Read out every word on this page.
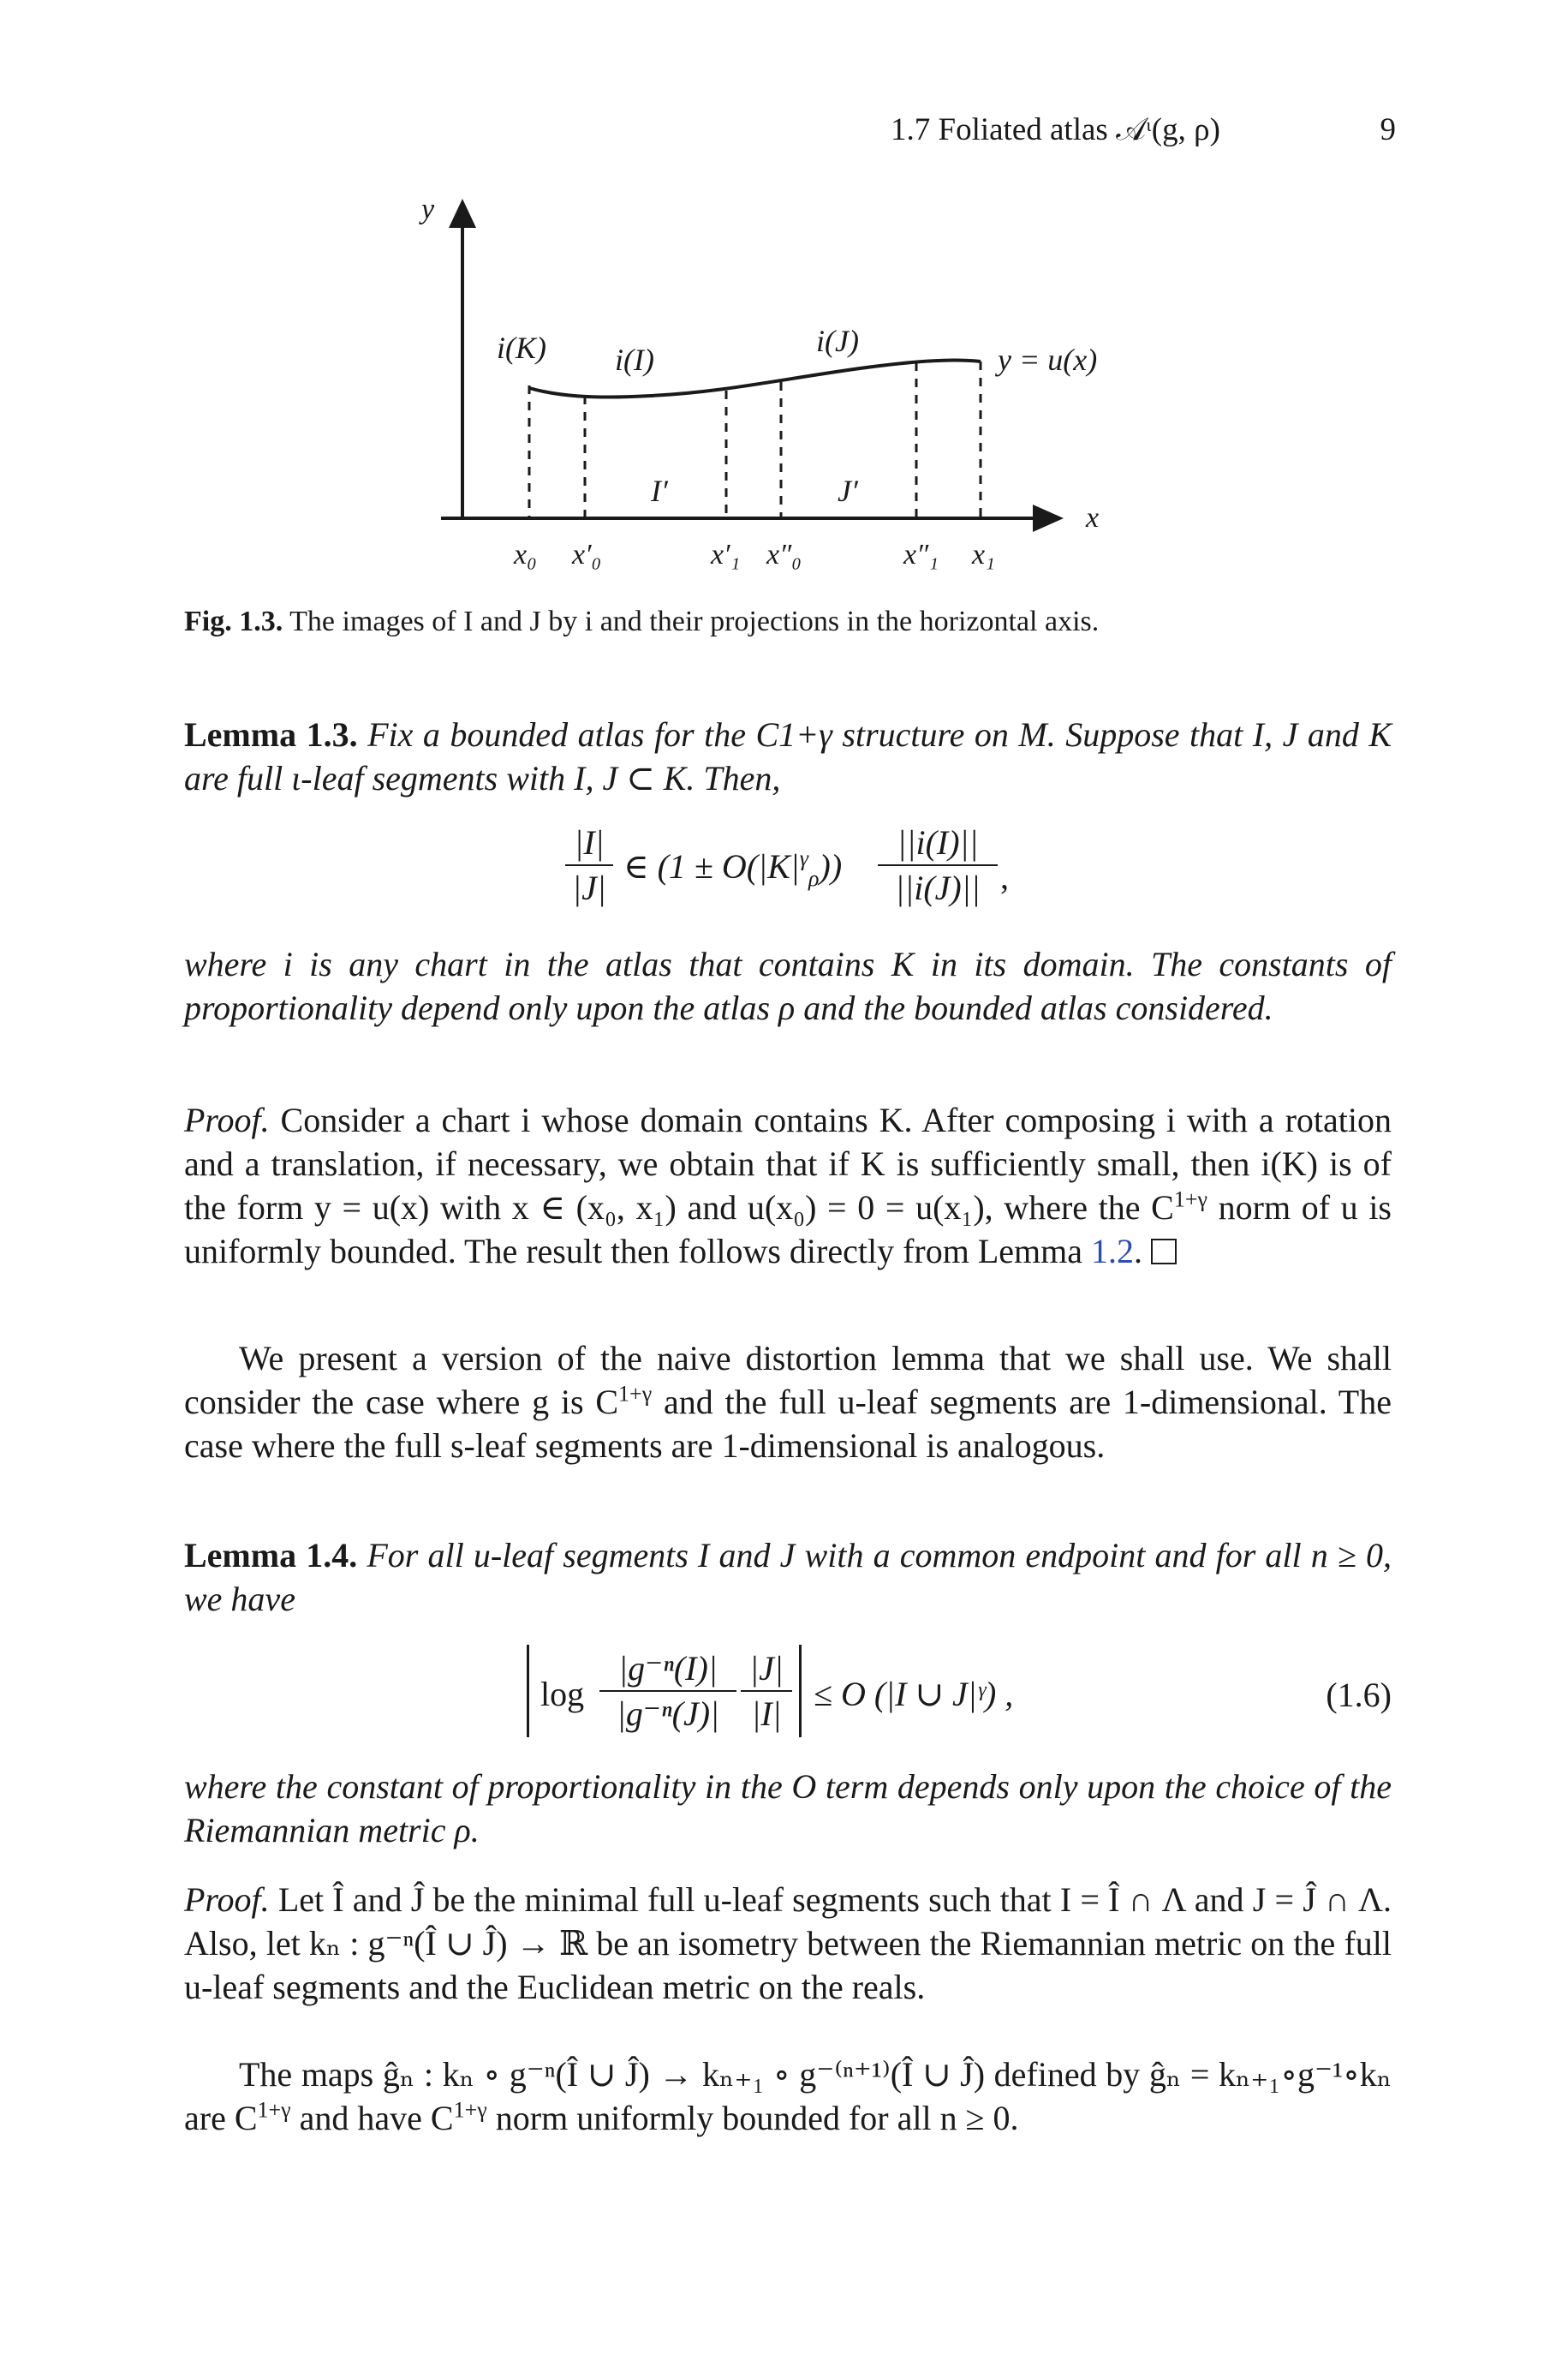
1.7 Foliated atlas 𝒜ᶥ(g, ρ)	9
y
x
i(K) i(I)
i(J)
y = u(x)
I′	J′
x₀ x′₀	x′₁ x″₀	x″₁ x₁
Fig. 1.3. The images of I and J by i and their projections in the horizontal axis.
Lemma 1.3. Fix a bounded atlas for the C1+γ structure on M. Suppose that I, J and K are full ι-leaf segments with I, J ⊂ K. Then,
|I|
|J|
∈ $(1 \pm O(|K|^\gamma_\rho))$
||i(I)||
||i(J)|| ,
where i is any chart in the atlas that contains K in its domain. The constants of proportionality depend only upon the atlas ρ and the bounded atlas considered.
Proof. Consider a chart i whose domain contains K. After composing i with a rotation and a translation, if necessary, we obtain that if K is sufficiently small, then i(K) is of the form y = u(x) with x ∈ (x₀, x₁) and u(x₀) = 0 = u(x₁), where the $C^{1+\gamma}$ norm of u is uniformly bounded. The result then follows directly from Lemma 1.2.
We present a version of the naive distortion lemma that we shall use. We shall consider the case where g is $C^{1+\gamma}$ and the full u-leaf segments are 1-dimensional. The case where the full s-leaf segments are 1-dimensional is analogous.
Lemma 1.4. For all u-leaf segments I and J with a common endpoint and for all n ≥ 0, we have
log
|g⁻ⁿ(I)|
|g⁻ⁿ(J)|
|J|
|I|
≤ O (|I ∪ J|ᵞ) ,	(1.6)
where the constant of proportionality in the O term depends only upon the choice of the Riemannian metric ρ.
Proof. Let Î and Ĵ be the minimal full u-leaf segments such that I = Î ∩ Λ and J = Ĵ ∩ Λ. Also, let kₙ : g⁻ⁿ(Î ∪ Ĵ) → ℝ be an isometry between the Riemannian metric on the full u-leaf segments and the Euclidean metric on the reals.
The maps ĝₙ : kₙ ∘ g⁻ⁿ(Î ∪ Ĵ) → kₙ₊₁ ∘ g⁻⁽ⁿ⁺¹⁾(Î ∪ Ĵ) defined by ĝₙ = kₙ₊₁∘g⁻¹∘kₙ are $C^{1+\gamma}$ and have $C^{1+\gamma}$ norm uniformly bounded for all n ≥ 0.
